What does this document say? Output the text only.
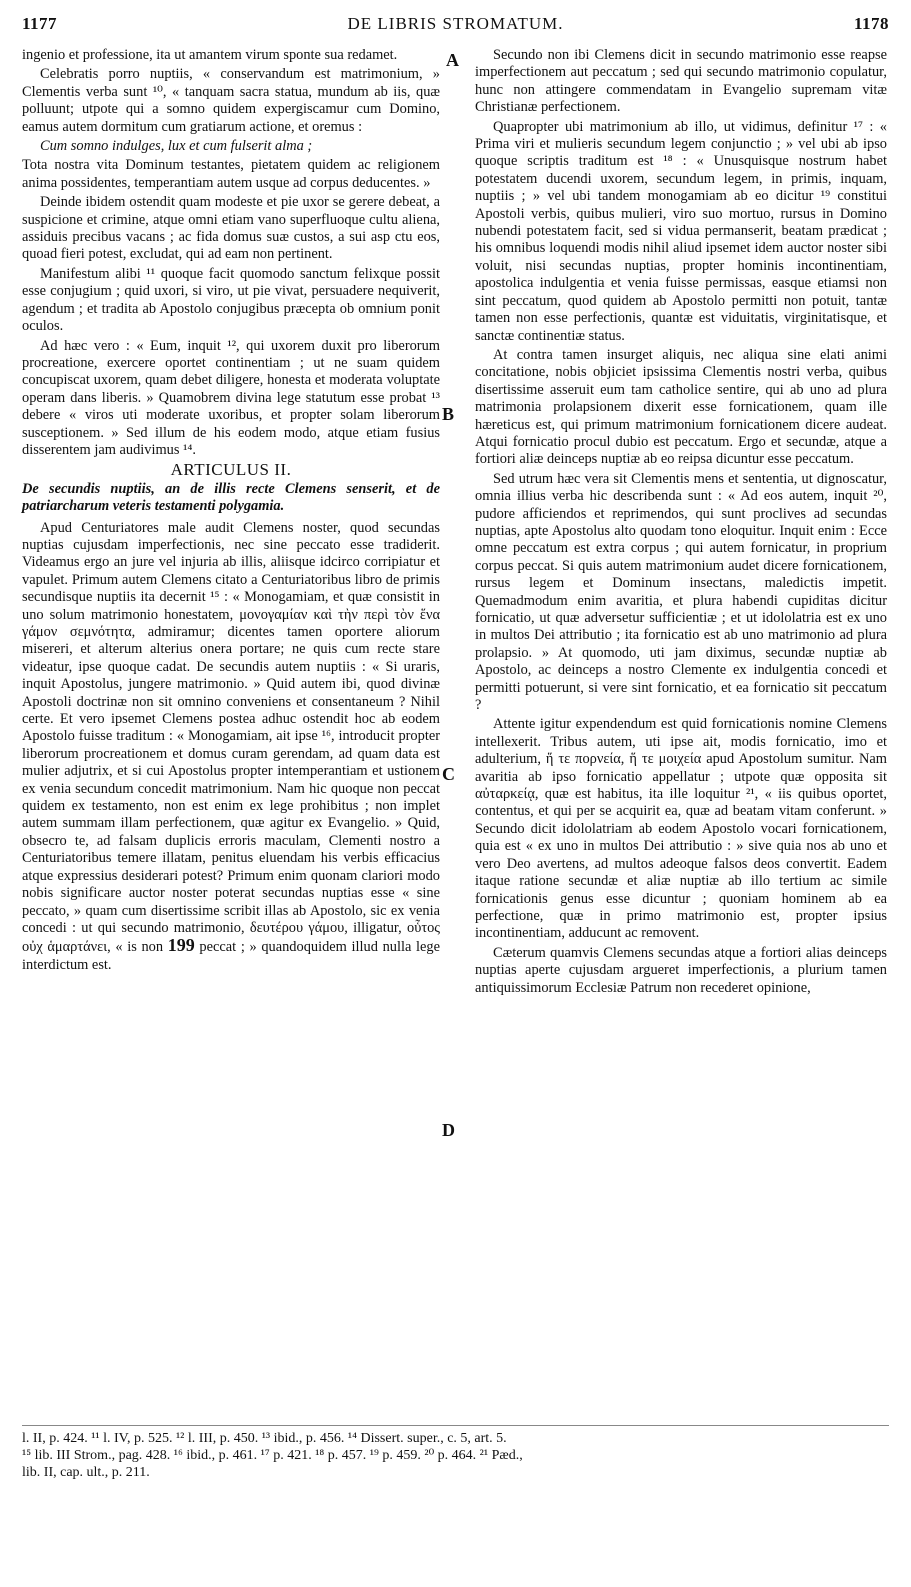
1177	DE LIBRIS STROMATUM.	1178
A
B
C
D

ingenio et professione, ita ut amantem virum sponte sua redamet.

Celebratis porro nuptiis, « conservandum est matrimonium, » Clementis verba sunt ¹⁰, « tanquam sacra statua, mundum ab iis, quæ polluunt; utpote qui a somno quidem expergiscamur cum Domino, eamus autem dormitum cum gratiarum actione, et oremus :

Cum somno indulges, lux et cum fulserit alma ;

Tota nostra vita Dominum testantes, pietatem quidem ac religionem anima possidentes, temperantiam autem usque ad corpus deducentes. »

Deinde ibidem ostendit quam modeste et pie uxor se gerere debeat, a suspicione et crimine, atque omni etiam vano superfluoque cultu aliena, assiduis precibus vacans ; ac fida domus suæ custos, a sui asp ctu eos, quoad fieri potest, excludat, qui ad eam non pertinent.

Manifestum alibi ¹¹ quoque facit quomodo sanctum felixque possit esse conjugium ; quid uxori, si viro, ut pie vivat, persuadere nequiverit, agendum ; et tradita ab Apostolo conjugibus præcepta ob omnium ponit oculos.

Ad hæc vero : « Eum, inquit ¹², qui uxorem duxit pro liberorum procreatione, exercere oportet continentiam ; ut ne suam quidem concupiscat uxorem, quam debet diligere, honesta et moderata voluptate operam dans liberis. » Quamobrem divina lege statutum esse probat ¹³ debere « viros uti moderate uxoribus, et propter solam liberorum susceptionem. » Sed illum de his eodem modo, atque etiam fusius disserentem jam audivimus ¹⁴.

ARTICULUS II.

De secundis nuptiis, an de illis recte Clemens senserit, et de patriarcharum veteris testamenti polygamia.

Apud Centuriatores male audit Clemens noster, quod secundas nuptias cujusdam imperfectionis, nec sine peccato esse tradiderit. Videamus ergo an jure vel injuria ab illis, aliisque idcirco corripiatur et vapulet. Primum autem Clemens citato a Centuriatoribus libro de primis secundisque nuptiis ita decernit ¹⁵ : « Monogamiam, et quæ consistit in uno solum matrimonio honestatem, μονογαμίαν καὶ τὴν περὶ τὸν ἕνα γάμον σεμνότητα, admiramur; dicentes tamen oportere aliorum misereri, et alterum alterius onera portare; ne quis cum recte stare videatur, ipse quoque cadat. De secundis autem nuptiis : « Si uraris, inquit Apostolus, jungere matrimonio. » Quid autem ibi, quod divinæ Apostoli doctrinæ non sit omnino conveniens et consentaneum ? Nihil certe. Et vero ipsemet Clemens postea adhuc ostendit hoc ab eodem Apostolo fuisse traditum : « Monogamiam, ait ipse ¹⁶, introducit propter liberorum procreationem et domus curam gerendam, ad quam data est mulier adjutrix, et si cui Apostolus propter intemperantiam et ustionem ex venia secundum concedit matrimonium. Nam hic quoque non peccat quidem ex testamento, non est enim ex lege prohibitus ; non implet autem summam illam perfectionem, quæ agitur ex Evangelio. » Quid, obsecro te, ad falsam duplicis erroris maculam, Clementi nostro a Centuriatoribus temere illatam, penitus eluendam his verbis efficacius atque expressius desiderari potest? Primum enim quonam clariori modo nobis significare auctor noster poterat secundas nuptias esse « sine peccato, » quam cum disertissime scribit illas ab Apostolo, sic ex venia concedi : ut qui secundo matrimonio, δευτέρου γάμου, illigatur, οὗτος οὐχ ἁμαρτάνει, « is non 199 peccat ; » quandoquidem illud nulla lege interdictum est.

Secundo non ibi Clemens dicit in secundo matrimonio esse reapse imperfectionem aut peccatum ; sed qui secundo matrimonio copulatur, hunc non attingere commendatam in Evangelio supremam vitæ Christianæ perfectionem.

Quapropter ubi matrimonium ab illo, ut vidimus, definitur ¹⁷ : « Prima viri et mulieris secundum legem conjunctio ; » vel ubi ab ipso quoque scriptis traditum est ¹⁸ : « Unusquisque nostrum habet potestatem ducendi uxorem, secundum legem, in primis, inquam, nuptiis ; » vel ubi tandem monogamiam ab eo dicitur ¹⁹ constitui Apostoli verbis, quibus mulieri, viro suo mortuo, rursus in Domino nubendi potestatem facit, sed si vidua permanserit, beatam prædicat ; his omnibus loquendi modis nihil aliud ipsemet idem auctor noster sibi voluit, nisi secundas nuptias, propter hominis incontinentiam, apostolica indulgentia et venia fuisse permissas, easque etiamsi non sint peccatum, quod quidem ab Apostolo permitti non potuit, tantæ tamen non esse perfectionis, quantæ est viduitatis, virginitatisque, et sanctæ continentiæ status.

At contra tamen insurget aliquis, nec aliqua sine elati animi concitatione, nobis objiciet ipsissima Clementis nostri verba, quibus disertissime asseruit eum tam catholice sentire, qui ab uno ad plura matrimonia prolapsionem dixerit esse fornicationem, quam ille hæreticus est, qui primum matrimonium fornicationem dicere audeat. Atqui fornicatio procul dubio est peccatum. Ergo et secundæ, atque a fortiori aliæ deinceps nuptiæ ab eo reipsa dicuntur esse peccatum.

Sed utrum hæc vera sit Clementis mens et sententia, ut dignoscatur, omnia illius verba hic describenda sunt : « Ad eos autem, inquit ²⁰, pudore afficiendos et reprimendos, qui sunt proclives ad secundas nuptias, apte Apostolus alto quodam tono eloquitur. Inquit enim : Ecce omne peccatum est extra corpus ; qui autem fornicatur, in proprium corpus peccat. Si quis autem matrimonium audet dicere fornicationem, rursus legem et Dominum insectans, maledictis impetit. Quemadmodum enim avaritia, et plura habendi cupiditas dicitur fornicatio, ut quæ adversetur sufficientiæ ; et ut idololatria est ex uno in multos Dei attributio ; ita fornicatio est ab uno matrimonio ad plura prolapsio. » At quomodo, uti jam diximus, secundæ nuptiæ ab Apostolo, ac deinceps a nostro Clemente ex indulgentia concedi et permitti potuerunt, si vere sint fornicatio, et ea fornicatio sit peccatum ?

Attente igitur expendendum est quid fornicationis nomine Clemens intellexerit. Tribus autem, uti ipse ait, modis fornicatio, imo et adulterium, ἥ τε πορνεία, ἥ τε μοιχεία apud Apostolum sumitur. Nam avaritia ab ipso fornicatio appellatur ; utpote quæ opposita sit αὐταρκείᾳ, quæ est habitus, ita ille loquitur ²¹, « iis quibus oportet, contentus, et qui per se acquirit ea, quæ ad beatam vitam conferunt. » Secundo dicit idololatriam ab eodem Apostolo vocari fornicationem, quia est « ex uno in multos Dei attributio : » sive quia nos ab uno et vero Deo avertens, ad multos adeoque falsos deos convertit. Eadem itaque ratione secundæ et aliæ nuptiæ ab illo tertium ac simile fornicationis genus esse dicuntur ; quoniam hominem ab ea perfectione, quæ in primo matrimonio est, propter ipsius incontinentiam, adducunt ac removent.

Cæterum quamvis Clemens secundas atque a fortiori alias deinceps nuptias aperte cujusdam argueret imperfectionis, a plurium tamen antiquissimorum Ecclesiæ Patrum non recederet opinione,

l. II, p. 424. ¹¹ l. IV, p. 525. ¹² l. III, p. 450. ¹³ ibid., p. 456. ¹⁴ Dissert. super., c. 5, art. 5.
¹⁵ lib. III Strom., pag. 428. ¹⁶ ibid., p. 461. ¹⁷ p. 421. ¹⁸ p. 457. ¹⁹ p. 459. ²⁰ p. 464. ²¹ Pæd.,
lib. II, cap. ult., p. 211.
